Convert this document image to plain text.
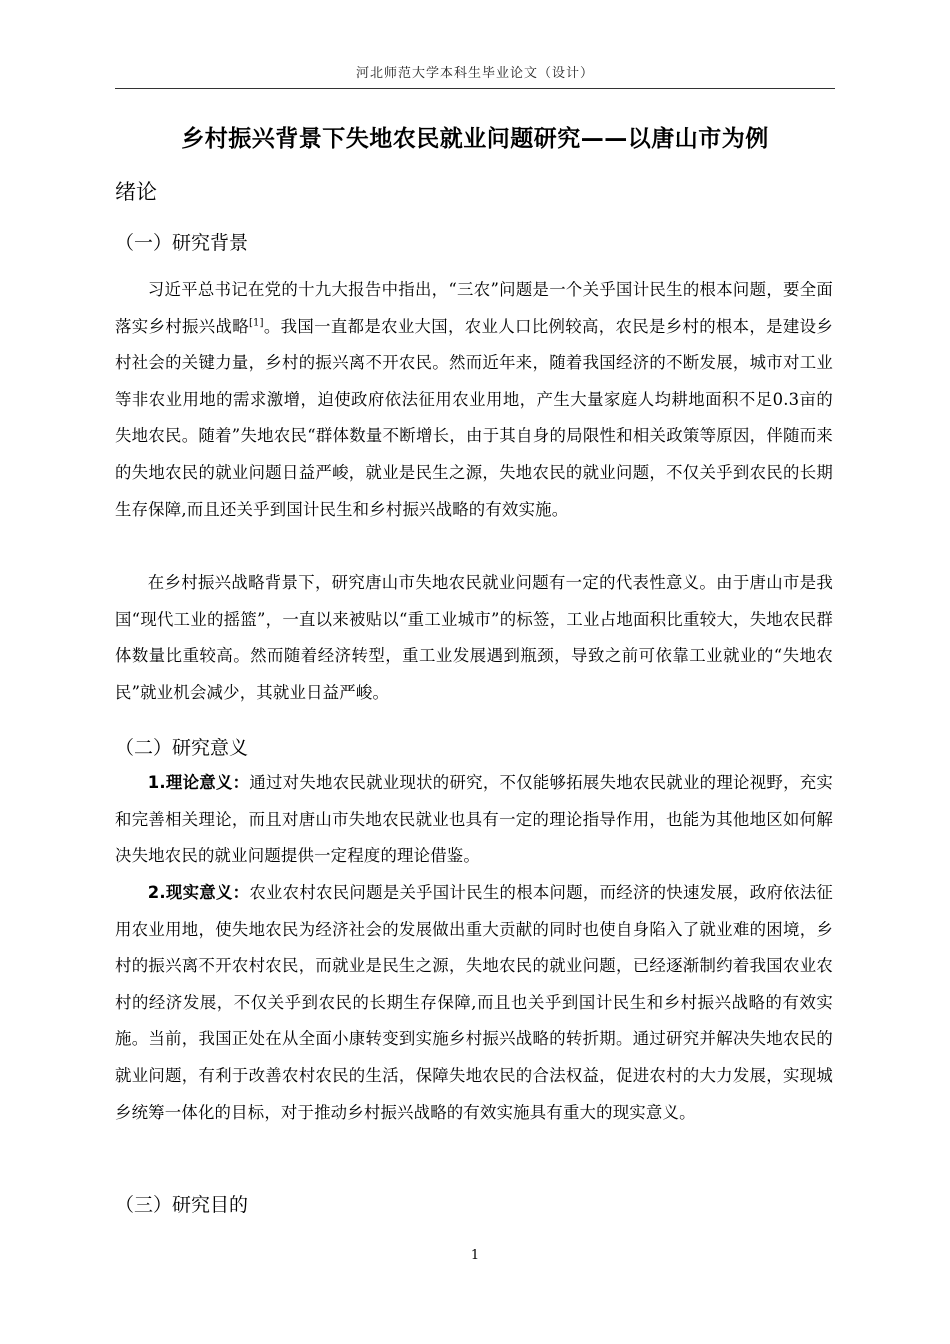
河北师范大学本科生毕业论文（设计）
乡村振兴背景下失地农民就业问题研究——以唐山市为例
绪论
（一）研究背景

习近平总书记在党的十九大报告中指出，“三农”问题是一个关乎国计民生的根本问题，要全面落实乡村振兴战略[1]。我国一直都是农业大国，农业人口比例较高，农民是乡村的根本，是建设乡村社会的关键力量，乡村的振兴离不开农民。然而近年来，随着我国经济的不断发展，城市对工业等非农业用地的需求激增，迫使政府依法征用农业用地，产生大量家庭人均耕地面积不足0.3亩的失地农民。随着”失地农民“群体数量不断增长，由于其自身的局限性和相关政策等原因，伴随而来的失地农民的就业问题日益严峻，就业是民生之源，失地农民的就业问题，不仅关乎到农民的长期生存保障,而且还关乎到国计民生和乡村振兴战略的有效实施。

在乡村振兴战略背景下，研究唐山市失地农民就业问题有一定的代表性意义。由于唐山市是我国“现代工业的摇篮”，一直以来被贴以“重工业城市”的标签，工业占地面积比重较大，失地农民群体数量比重较高。然而随着经济转型，重工业发展遇到瓶颈，导致之前可依靠工业就业的“失地农民”就业机会减少，其就业日益严峻。

（二）研究意义

1.理论意义：通过对失地农民就业现状的研究，不仅能够拓展失地农民就业的理论视野，充实和完善相关理论，而且对唐山市失地农民就业也具有一定的理论指导作用，也能为其他地区如何解决失地农民的就业问题提供一定程度的理论借鉴。

2.现实意义：农业农村农民问题是关乎国计民生的根本问题，而经济的快速发展，政府依法征用农业用地，使失地农民为经济社会的发展做出重大贡献的同时也使自身陷入了就业难的困境，乡村的振兴离不开农村农民，而就业是民生之源，失地农民的就业问题，已经逐渐制约着我国农业农村的经济发展，不仅关乎到农民的长期生存保障,而且也关乎到国计民生和乡村振兴战略的有效实施。当前，我国正处在从全面小康转变到实施乡村振兴战略的转折期。通过研究并解决失地农民的就业问题，有利于改善农村农民的生活，保障失地农民的合法权益，促进农村的大力发展，实现城乡统筹一体化的目标，对于推动乡村振兴战略的有效实施具有重大的现实意义。

（三）研究目的
1
